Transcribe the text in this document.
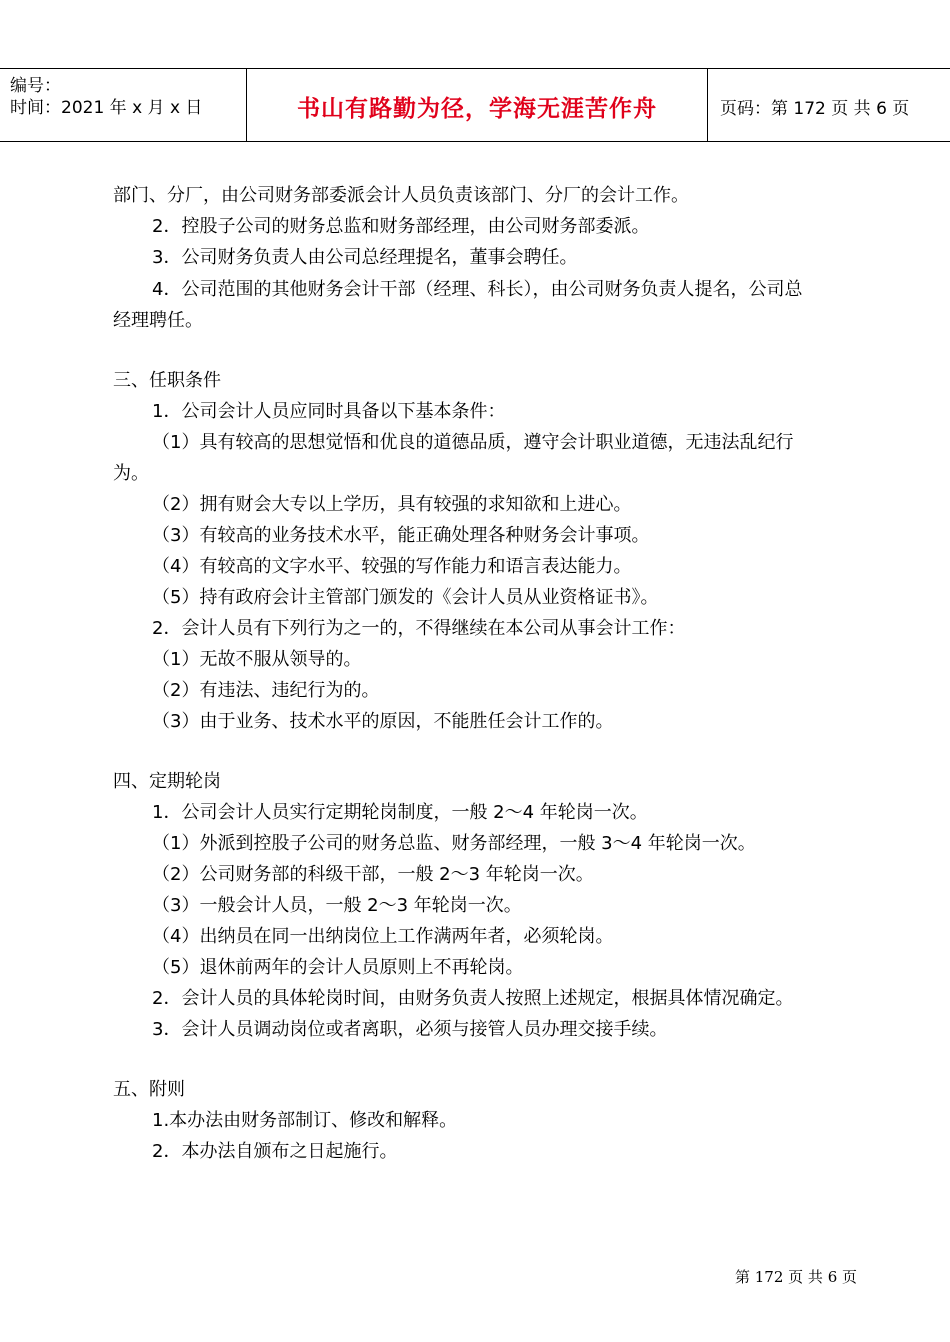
编号：
时间：2021 年 x 月 x 日	书山有路勤为径，学海无涯苦作舟	页码：第 172 页 共 6 页
部门、分厂，由公司财务部委派会计人员负责该部门、分厂的会计工作。
2．控股子公司的财务总监和财务部经理，由公司财务部委派。
3．公司财务负责人由公司总经理提名，董事会聘任。
4．公司范围的其他财务会计干部（经理、科长），由公司财务负责人提名，公司总
经理聘任。
三、任职条件
1．公司会计人员应同时具备以下基本条件：
（1）具有较高的思想觉悟和优良的道德品质，遵守会计职业道德，无违法乱纪行
为。
（2）拥有财会大专以上学历，具有较强的求知欲和上进心。
（3）有较高的业务技术水平，能正确处理各种财务会计事项。
（4）有较高的文字水平、较强的写作能力和语言表达能力。
（5）持有政府会计主管部门颁发的《会计人员从业资格证书》。
2．会计人员有下列行为之一的，不得继续在本公司从事会计工作：
（1）无故不服从领导的。
（2）有违法、违纪行为的。
（3）由于业务、技术水平的原因，不能胜任会计工作的。
四、定期轮岗
1．公司会计人员实行定期轮岗制度，一般 2～4 年轮岗一次。
（1）外派到控股子公司的财务总监、财务部经理，一般 3～4 年轮岗一次。
（2）公司财务部的科级干部，一般 2～3 年轮岗一次。
（3）一般会计人员，一般 2～3 年轮岗一次。
（4）出纳员在同一出纳岗位上工作满两年者，必须轮岗。
（5）退休前两年的会计人员原则上不再轮岗。
2．会计人员的具体轮岗时间，由财务负责人按照上述规定，根据具体情况确定。
3．会计人员调动岗位或者离职，必须与接管人员办理交接手续。
五、附则
1.本办法由财务部制订、修改和解释。
2．本办法自颁布之日起施行。
第 172 页 共 6 页
